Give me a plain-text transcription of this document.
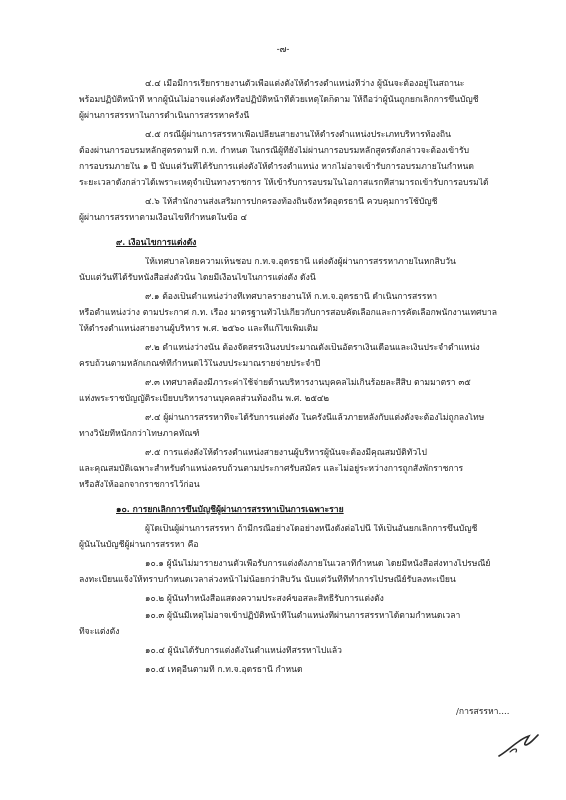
-๗-
๔.๔ เมื่อมีการเรียกรายงานตัวเพื่อแต่งตั้งให้ดำรงตำแหน่งที่ว่าง ผู้นั้นจะต้องอยู่ในสถานะ
พร้อมปฏิบัติหน้าที่ หากผู้นั้นไม่อาจแต่งตั้งหรือปฏิบัติหน้าที่ด้วยเหตุใดก็ตาม ให้ถือว่าผู้นั้นถูกยกเลิกการขึ้นบัญชี
ผู้ผ่านการสรรหาในการดำเนินการสรรหาครั้งนี้
๔.๕ กรณีผู้ผ่านการสรรหาเพื่อเปลี่ยนสายงานให้ดำรงตำแหน่งประเภทบริหารท้องถิ่น
ต้องผ่านการอบรมหลักสูตรตามที่ ก.ท. กำหนด ในกรณีผู้ที่ยังไม่ผ่านการอบรมหลักสูตรดังกล่าวจะต้องเข้ารับ
การอบรมภายใน ๑ ปี นับแต่วันที่ได้รับการแต่งตั้งให้ดำรงตำแหน่ง หากไม่อาจเข้ารับการอบรมภายในกำหนด
ระยะเวลาดังกล่าวได้เพราะเหตุจำเป็นทางราชการ ให้เข้ารับการอบรมในโอกาสแรกที่สามารถเข้ารับการอบรมได้
๔.๖ ให้สำนักงานส่งเสริมการปกครองท้องถิ่นจังหวัดอุดรธานี ควบคุมการใช้บัญชี
ผู้ผ่านการสรรหาตามเงื่อนไขที่กำหนดในข้อ ๔
๙. เงื่อนไขการแต่งตั้ง
ให้เทศบาลโดยความเห็นชอบ ก.ท.จ.อุดรธานี แต่งตั้งผู้ผ่านการสรรหาภายในหกสิบวัน
นับแต่วันที่ได้รับหนังสือส่งตัวนั้น โดยมีเงื่อนไขในการแต่งตั้ง ดังนี้
๙.๑ ต้องเป็นตำแหน่งว่างที่เทศบาลรายงานให้ ก.ท.จ.อุดรธานี ดำเนินการสรรหา
หรือตำแหน่งว่าง ตามประกาศ ก.ท. เรื่อง มาตรฐานทั่วไปเกี่ยวกับการสอบคัดเลือกและการคัดเลือกพนักงานเทศบาล
ให้ดำรงตำแหน่งสายงานผู้บริหาร พ.ศ. ๒๕๖๐ และที่แก้ไขเพิ่มเติม
๙.๒ ตำแหน่งว่างนั้น ต้องจัดสรรเงินงบประมาณตั้งเป็นอัตราเงินเดือนและเงินประจำตำแหน่ง
ครบถ้วนตามหลักเกณฑ์ที่กำหนดไว้ในงบประมาณรายจ่ายประจำปี
๙.๓ เทศบาลต้องมีภาระค่าใช้จ่ายด้านบริหารงานบุคคลไม่เกินร้อยละสี่สิบ ตามมาตรา ๓๕
แห่งพระราชบัญญัติระเบียบบริหารงานบุคคลส่วนท้องถิ่น พ.ศ. ๒๕๔๒
๙.๔ ผู้ผ่านการสรรหาที่จะได้รับการแต่งตั้ง ในครั้งนี้แล้วภายหลังกับแต่งตั้งจะต้องไม่ถูกลงโทษ
ทางวินัยที่หนักกว่าโทษภาคทัณฑ์
๙.๕ การแต่งตั้งให้ดำรงตำแหน่งสายงานผู้บริหารผู้นั้นจะต้องมีคุณสมบัติทั่วไป
และคุณสมบัติเฉพาะสำหรับตำแหน่งครบถ้วนตามประกาศรับสมัคร และไม่อยู่ระหว่างการถูกสั่งพักราชการ
หรือสั่งให้ออกจากราชการไว้ก่อน
๑๐. การยกเลิกการขึ้นบัญชีผู้ผ่านการสรรหาเป็นการเฉพาะราย
ผู้ใดเป็นผู้ผ่านการสรรหา ถ้ามีกรณีอย่างใดอย่างหนึ่งดังต่อไปนี้ ให้เป็นอันยกเลิกการขึ้นบัญชี
ผู้นั้นในบัญชีผู้ผ่านการสรรหา คือ
๑๐.๑ ผู้นั้นไม่มารายงานตัวเพื่อรับการแต่งตั้งภายในเวลาที่กำหนด โดยมีหนังสือส่งทางไปรษณีย์
ลงทะเบียนแจ้งให้ทราบกำหนดเวลาล่วงหน้าไม่น้อยกว่าสิบวัน นับแต่วันที่ที่ทำการไปรษณีย์รับลงทะเบียน
๑๐.๒ ผู้นั้นทำหนังสือแสดงความประสงค์ขอสละสิทธิ์รับการแต่งตั้ง
๑๐.๓ ผู้นั้นมีเหตุไม่อาจเข้าปฏิบัติหน้าที่ในตำแหน่งที่ผ่านการสรรหาได้ตามกำหนดเวลา
ที่จะแต่งตั้ง
๑๐.๔ ผู้นั้นได้รับการแต่งตั้งในตำแหน่งที่สรรหาไปแล้ว
๑๐.๕ เหตุอื่นตามที่ ก.ท.จ.อุดรธานี กำหนด
/การสรรหา....
